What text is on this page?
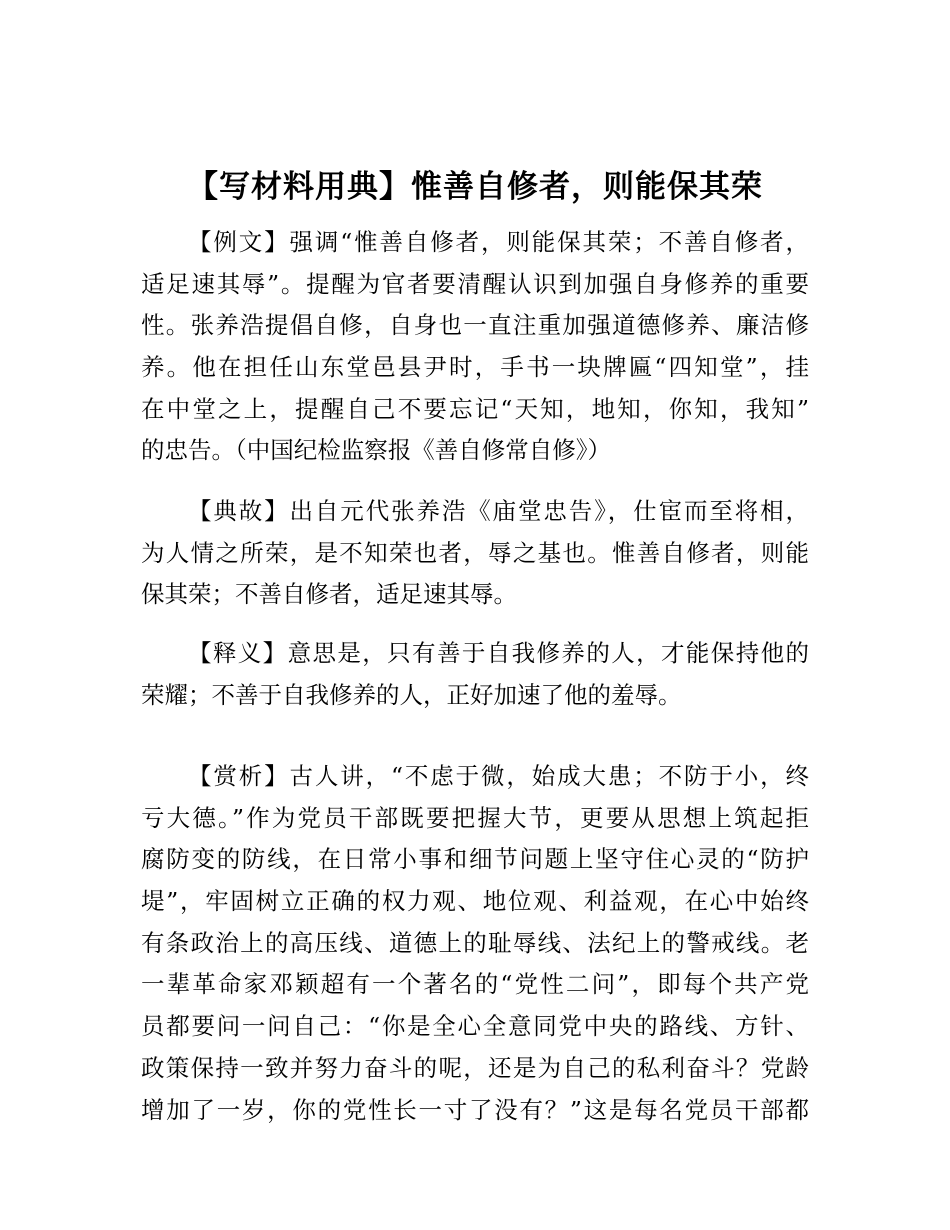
【写材料用典】惟善自修者，则能保其荣
【例文】强调“惟善自修者，则能保其荣；不善自修者，
适足速其辱”。提醒为官者要清醒认识到加强自身修养的重要
性。张养浩提倡自修，自身也一直注重加强道德修养、廉洁修
养。他在担任山东堂邑县尹时，手书一块牌匾“四知堂”，挂
在中堂之上，提醒自己不要忘记“天知，地知，你知，我知”
的忠告。（中国纪检监察报《善自修常自修》）
【典故】出自元代张养浩《庙堂忠告》，仕宦而至将相，
为人情之所荣，是不知荣也者，辱之基也。惟善自修者，则能
保其荣；不善自修者，适足速其辱。
【释义】意思是，只有善于自我修养的人，才能保持他的
荣耀；不善于自我修养的人，正好加速了他的羞辱。
【赏析】古人讲，“不虑于微，始成大患；不防于小，终
亏大德。”作为党员干部既要把握大节，更要从思想上筑起拒
腐防变的防线，在日常小事和细节问题上坚守住心灵的“防护
堤”，牢固树立正确的权力观、地位观、利益观，在心中始终
有条政治上的高压线、道德上的耻辱线、法纪上的警戒线。老
一辈革命家邓颖超有一个著名的“党性二问”，即每个共产党
员都要问一问自己：“你是全心全意同党中央的路线、方针、
政策保持一致并努力奋斗的呢，还是为自己的私利奋斗？党龄
增加了一岁，你的党性长一寸了没有？”这是每名党员干部都
